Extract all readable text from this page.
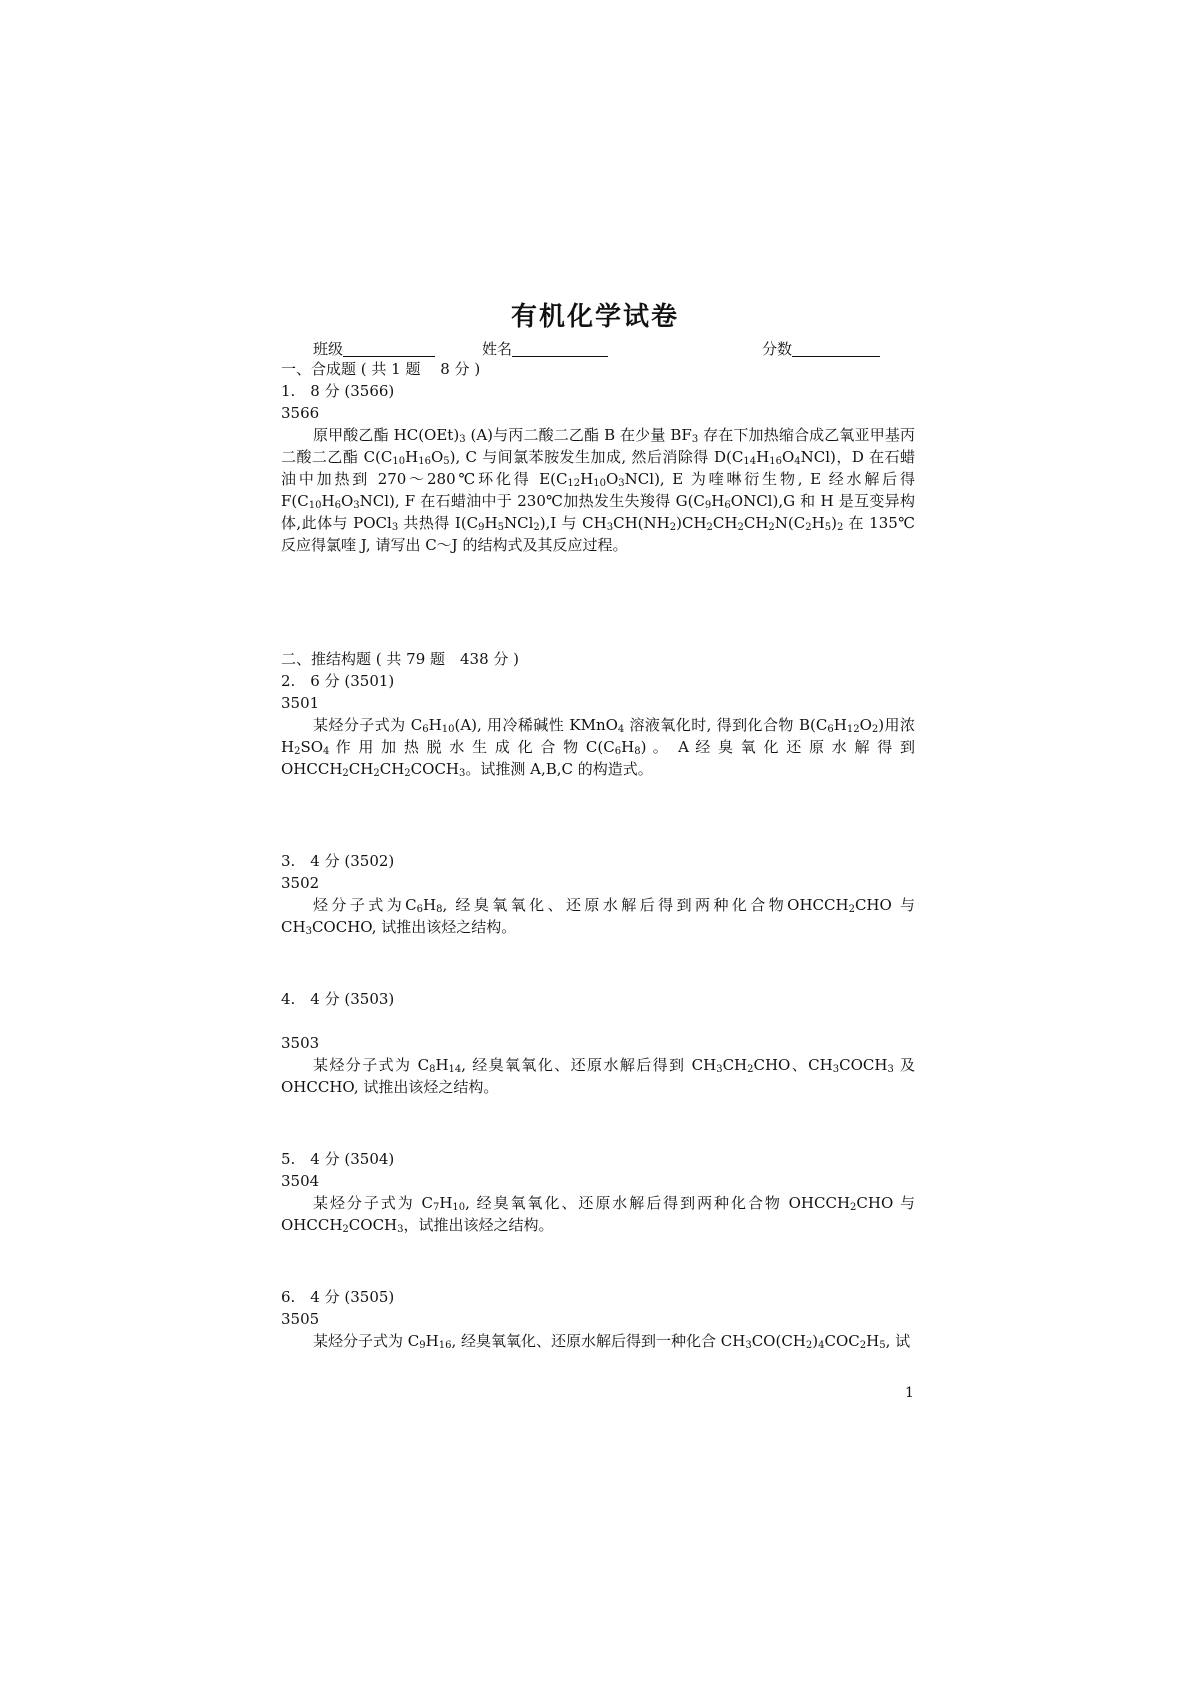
有机化学试卷
班级	姓名	分数

一、合成题 ( 共 1 题　 8 分 )

1.　8 分 (3566)

3566

原甲酸乙酯 $HC(OEt)_3$ (A)与丙二酸二乙酯 B 在少量 $BF_3$ 存在下加热缩合成乙氧亚甲基丙二酸二乙酯 $C(C_{10}H_{16}O_5)$, C 与间氯苯胺发生加成, 然后消除得 $D(C_{14}H_{16}O_4NCl)$，D 在石蜡油中加热到 270～280℃环化得 $E(C_{12}H_{10}O_3NCl)$, E 为喹啉衍生物, E 经水解后得 $F(C_{10}H_6O_3NCl)$, F 在石蜡油中于 230℃加热发生失羧得 $G(C_9H_6ONCl),G$ 和 H 是互变异构体,此体与 POCl$_3$ 共热得 $I(C_9H_5NCl_2),I$ 与 $CH_3CH(NH_2)CH_2CH_2CH_2N(C_2H_5)_2$ 在 135℃ 反应得氯喹 J, 请写出 C～J 的结构式及其反应过程。

二、推结构题 ( 共 79 题　438 分 )

2.　6 分 (3501)

3501

某烃分子式为 $C_6H_{10}(A)$, 用冷稀碱性 KMnO$_4$ 溶液氧化时, 得到化合物 $B(C_6H_{12}O_2)$用浓 $H_2SO_4$ 作 用 加 热 脱 水 生 成 化 合 物 $C(C_6H_8)$ 。　A 经 臭 氧 化 还 原 水 解 得 到 $OHCCH_2CH_2CH_2COCH_3$。试推测 A,B,C 的构造式。

3.　4 分 (3502)

3502

烃分子式为$C_6H_8$, 经臭氧氧化、还原水解后得到两种化合物$OHCCH_2CHO$ 与 $CH_3COCHO$, 试推出该烃之结构。

4.　4 分 (3503)

3503

某烃分子式为 $C_8H_{14}$, 经臭氧氧化、还原水解后得到 $CH_3CH_2CHO$、$CH_3COCH_3$ 及 OHCCHO, 试推出该烃之结构。

5.　4 分 (3504)

3504

某烃分子式为 $C_7H_{10}$, 经臭氧氧化、还原水解后得到两种化合物 $OHCCH_2CHO$ 与 $OHCCH_2COCH_3$，试推出该烃之结构。

6.　4 分 (3505)

3505

某烃分子式为 $C_9H_{16}$, 经臭氧氧化、还原水解后得到一种化合 $CH_3CO(CH_2)_4COC_2H_5$, 试

1
